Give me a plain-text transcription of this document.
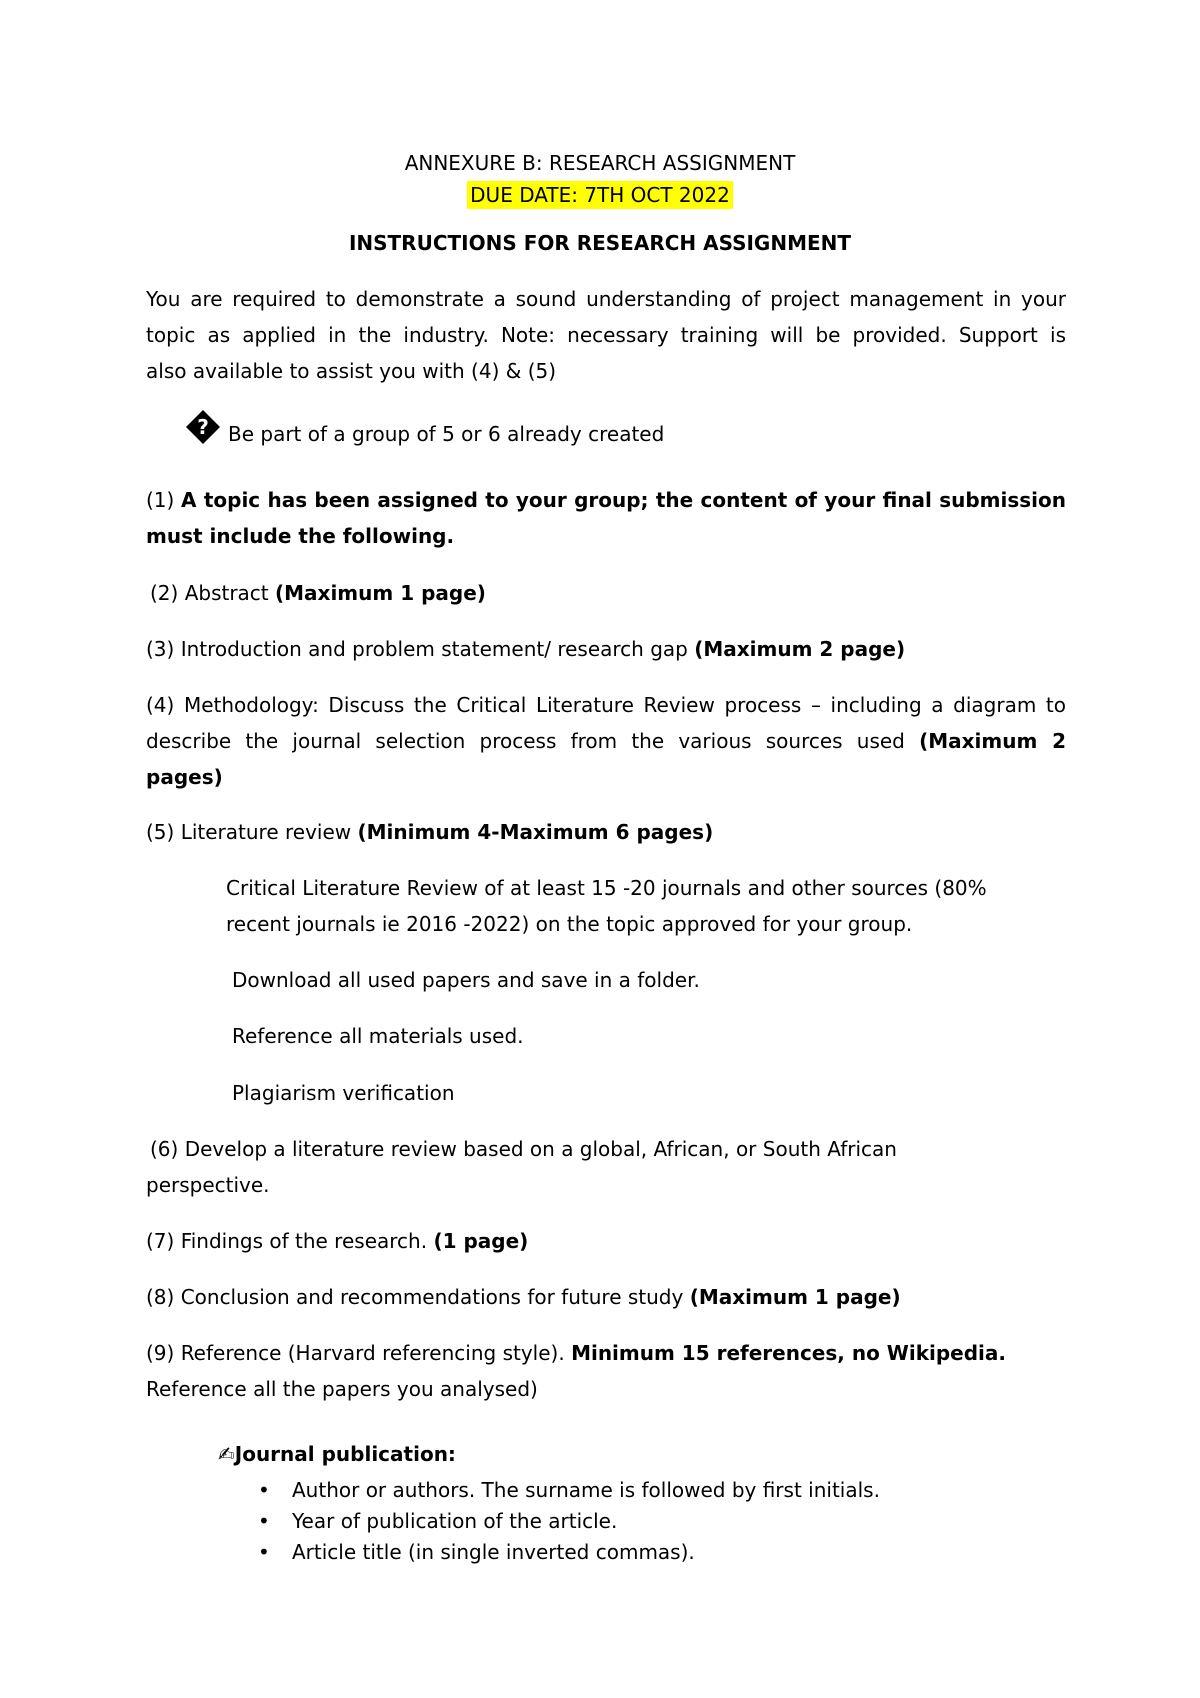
ANNEXURE B: RESEARCH ASSIGNMENT
DUE DATE: 7TH OCT 2022
INSTRUCTIONS FOR RESEARCH ASSIGNMENT
You are required to demonstrate a sound understanding of project management in your
topic as applied in the industry. Note: necessary training will be provided. Support is
also available to assist you with (4) & (5)
? Be part of a group of 5 or 6 already created
(1) A topic has been assigned to your group; the content of your final submission
must include the following.
(2) Abstract (Maximum 1 page)
(3) Introduction and problem statement/ research gap (Maximum 2 page)
(4) Methodology: Discuss the Critical Literature Review process – including a diagram to
describe the journal selection process from the various sources used (Maximum 2
pages)
(5) Literature review (Minimum 4-Maximum 6 pages)
Critical Literature Review of at least 15 -20 journals and other sources (80%
recent journals ie 2016 -2022) on the topic approved for your group.
Download all used papers and save in a folder.
Reference all materials used.
Plagiarism verification
(6) Develop a literature review based on a global, African, or South African
perspective.
(7) Findings of the research. (1 page)
(8) Conclusion and recommendations for future study (Maximum 1 page)
(9) Reference (Harvard referencing style). Minimum 15 references, no Wikipedia.
Reference all the papers you analysed)
✍Journal publication:
• Author or authors. The surname is followed by first initials.
• Year of publication of the article.
• Article title (in single inverted commas).
